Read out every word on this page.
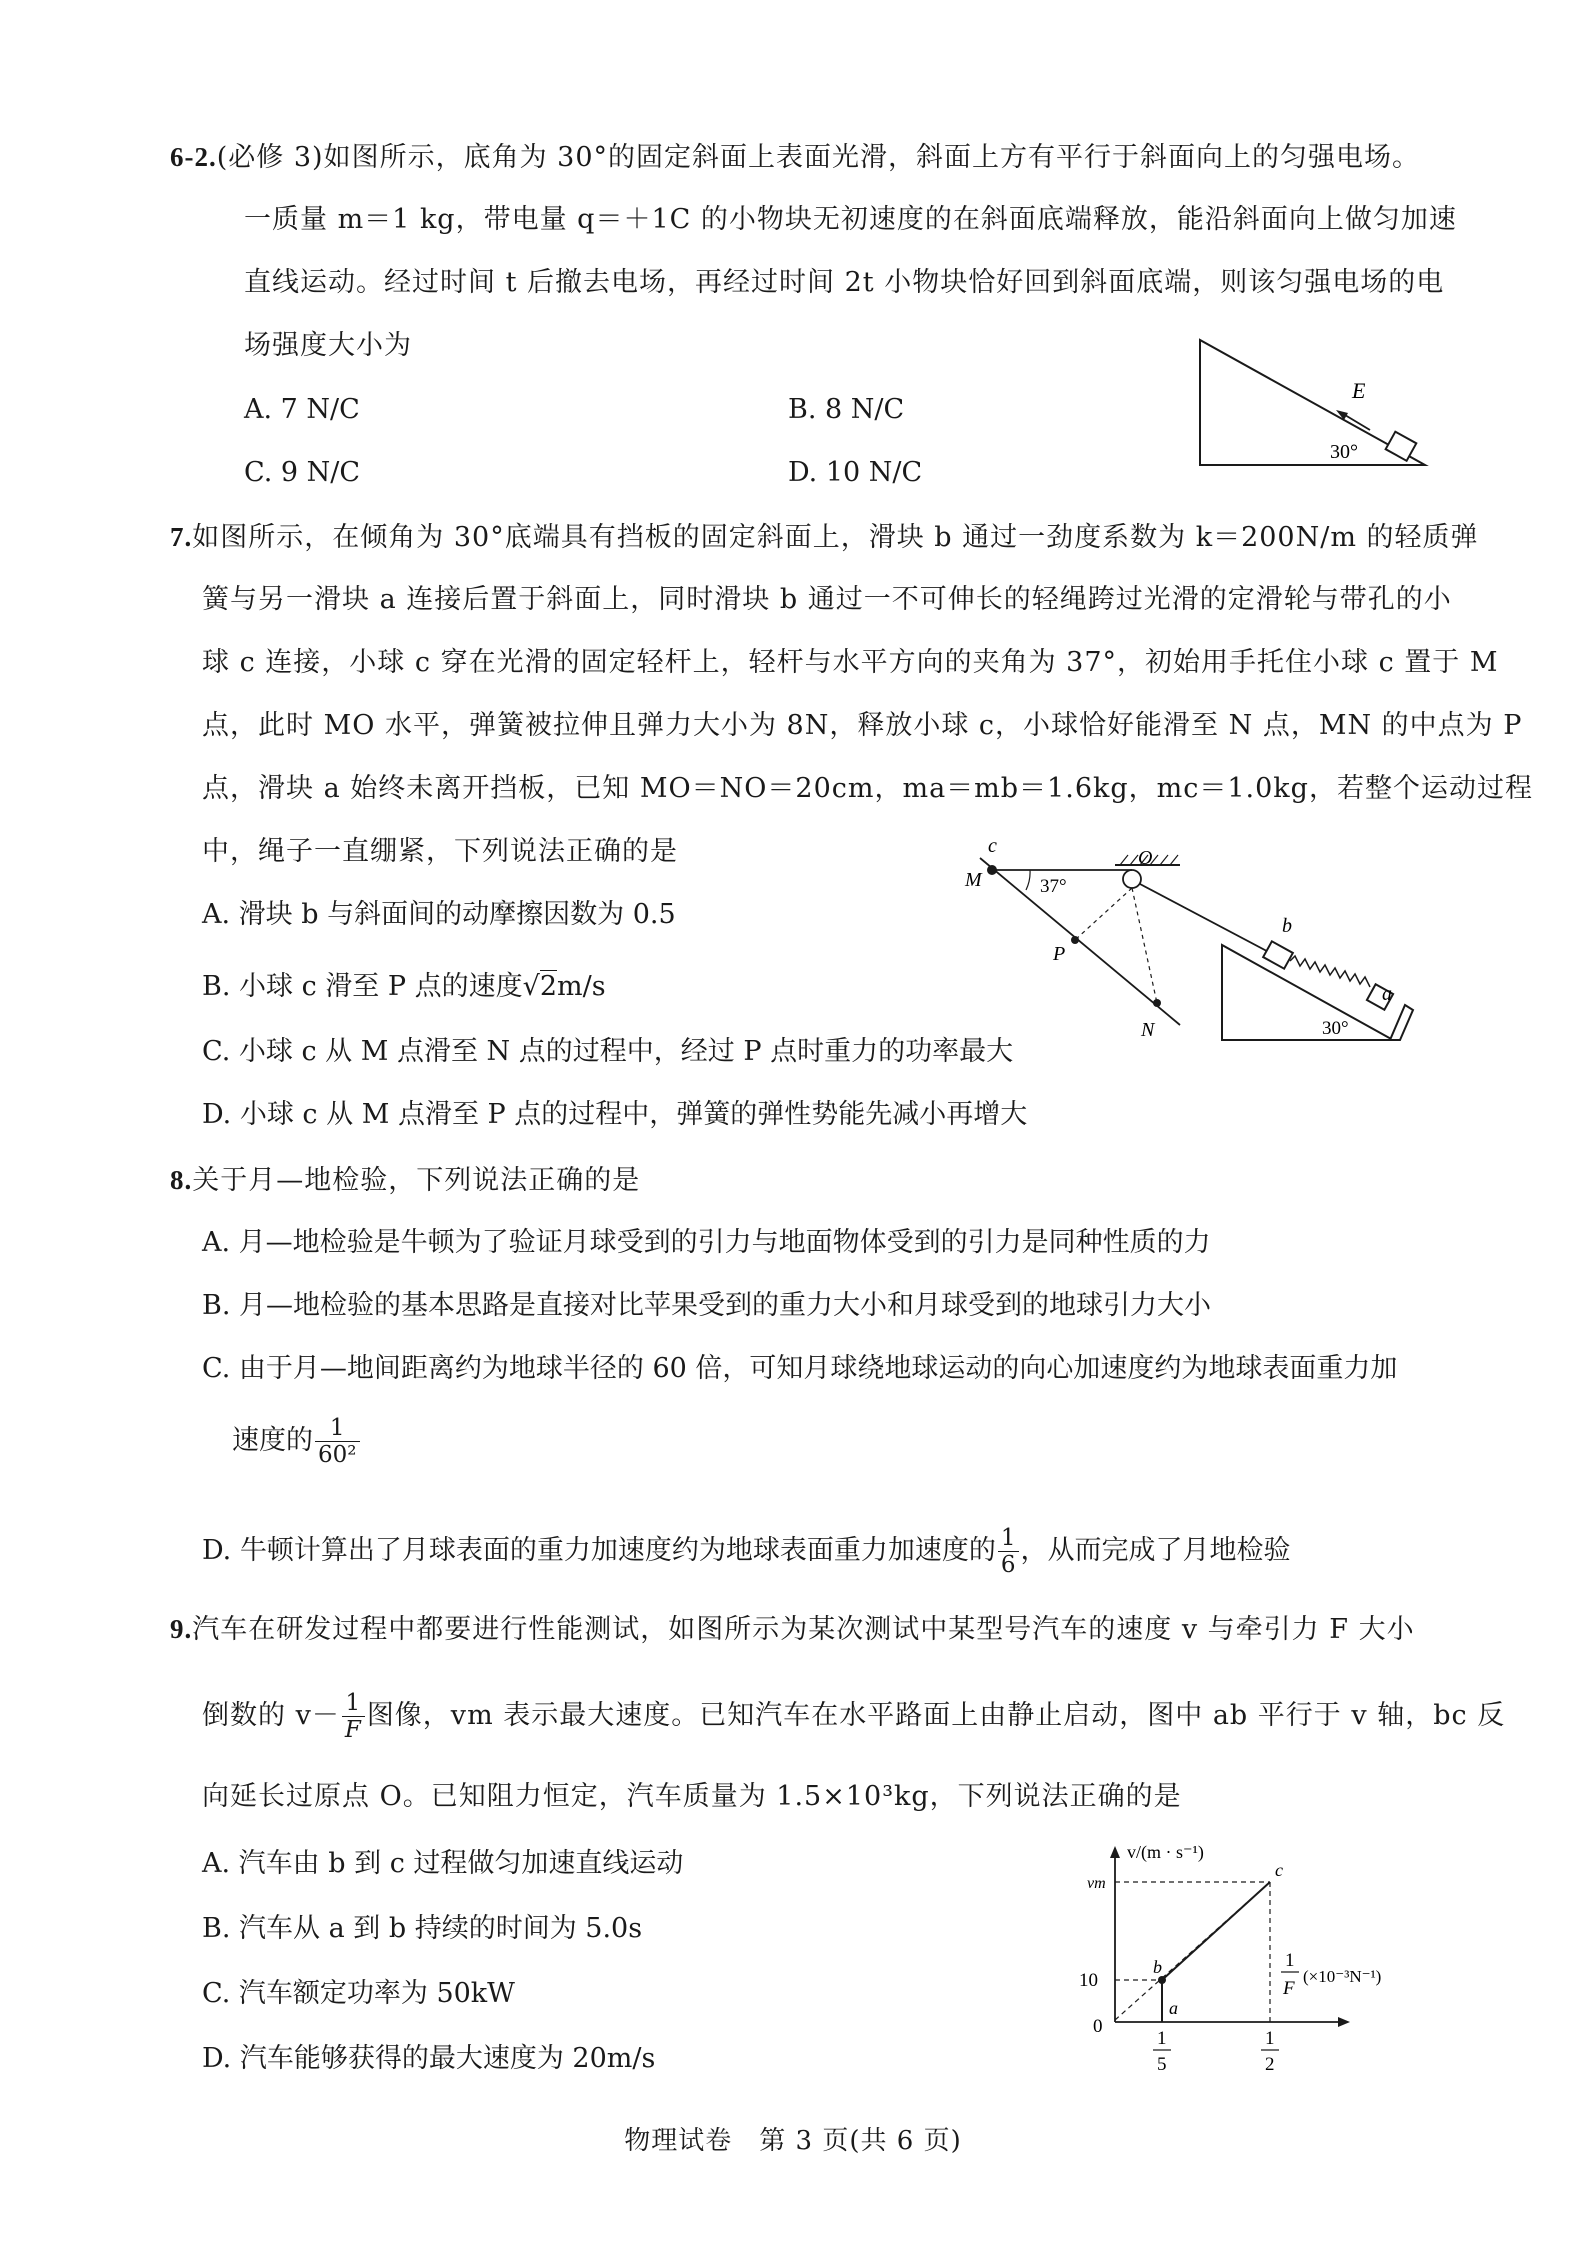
6-2.(必修 3)如图所示，底角为 30°的固定斜面上表面光滑，斜面上方有平行于斜面向上的匀强电场。
一质量 m＝1 kg，带电量 q＝＋1C 的小物块无初速度的在斜面底端释放，能沿斜面向上做匀加速
直线运动。经过时间 t 后撤去电场，再经过时间 2t 小物块恰好回到斜面底端，则该匀强电场的电
场强度大小为
A. 7 N/C	B. 8 N/C
C. 9 N/C	D. 10 N/C
E
30°
7.如图所示，在倾角为 30°底端具有挡板的固定斜面上，滑块 b 通过一劲度系数为 k＝200N/m 的轻质弹
簧与另一滑块 a 连接后置于斜面上，同时滑块 b 通过一不可伸长的轻绳跨过光滑的定滑轮与带孔的小
球 c 连接，小球 c 穿在光滑的固定轻杆上，轻杆与水平方向的夹角为 37°，初始用手托住小球 c 置于 M
点，此时 MO 水平，弹簧被拉伸且弹力大小为 8N，释放小球 c，小球恰好能滑至 N 点，MN 的中点为 P
点，滑块 a 始终未离开挡板，已知 MO＝NO＝20cm，ma＝mb＝1.6kg，mc＝1.0kg，若整个运动过程
中，绳子一直绷紧，下列说法正确的是
A. 滑块 b 与斜面间的动摩擦因数为 0.5
B. 小球 c 滑至 P 点的速度√2m/s
C. 小球 c 从 M 点滑至 N 点的过程中，经过 P 点时重力的功率最大
D. 小球 c 从 M 点滑至 P 点的过程中，弹簧的弹性势能先减小再增大
c
M
O
P
N
b
a
37°
30°
8.关于月—地检验，下列说法正确的是
A. 月—地检验是牛顿为了验证月球受到的引力与地面物体受到的引力是同种性质的力
B. 月—地检验的基本思路是直接对比苹果受到的重力大小和月球受到的地球引力大小
C. 由于月—地间距离约为地球半径的 60 倍，可知月球绕地球运动的向心加速度约为地球表面重力加
速度的 $\frac{1}{\text{60²}}$
D. 牛顿计算出了月球表面的重力加速度约为地球表面重力加速度的 $\frac{1}{6}$ ，从而完成了月地检验
9.汽车在研发过程中都要进行性能测试，如图所示为某次测试中某型号汽车的速度 v 与牵引力 F 大小
倒数的 $v- \frac{1}{F}$ 图像，vm 表示最大速度。已知汽车在水平路面上由静止启动，图中 ab 平行于 v 轴，bc 反
向延长过原点 O。已知阻力恒定，汽车质量为 1.5×10³kg，下列说法正确的是
A. 汽车由 b 到 c 过程做匀加速直线运动
B. 汽车从 a 到 b 持续的时间为 5.0s
C. 汽车额定功率为 50kW
D. 汽车能够获得的最大速度为 20m/s
v/(m · s⁻¹)
vm
10
0
c
b
a
1
F
(×10⁻³N⁻¹)
1
5
1
2
物理试卷　第 3 页(共 6 页)
